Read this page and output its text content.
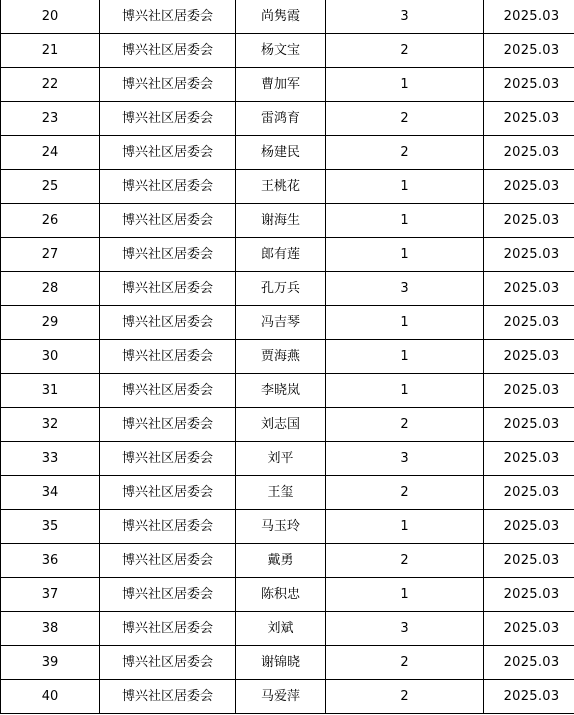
20	博兴社区居委会	尚隽霞	3	2025.03
21	博兴社区居委会	杨文宝	2	2025.03
22	博兴社区居委会	曹加军	1	2025.03
23	博兴社区居委会	雷鸿育	2	2025.03
24	博兴社区居委会	杨建民	2	2025.03
25	博兴社区居委会	王桃花	1	2025.03
26	博兴社区居委会	谢海生	1	2025.03
27	博兴社区居委会	郎有莲	1	2025.03
28	博兴社区居委会	孔万兵	3	2025.03
29	博兴社区居委会	冯吉琴	1	2025.03
30	博兴社区居委会	贾海燕	1	2025.03
31	博兴社区居委会	李晓岚	1	2025.03
32	博兴社区居委会	刘志国	2	2025.03
33	博兴社区居委会	刘平	3	2025.03
34	博兴社区居委会	王玺	2	2025.03
35	博兴社区居委会	马玉玲	1	2025.03
36	博兴社区居委会	戴勇	2	2025.03
37	博兴社区居委会	陈积忠	1	2025.03
38	博兴社区居委会	刘斌	3	2025.03
39	博兴社区居委会	谢锦晓	2	2025.03
40	博兴社区居委会	马爱萍	2	2025.03
